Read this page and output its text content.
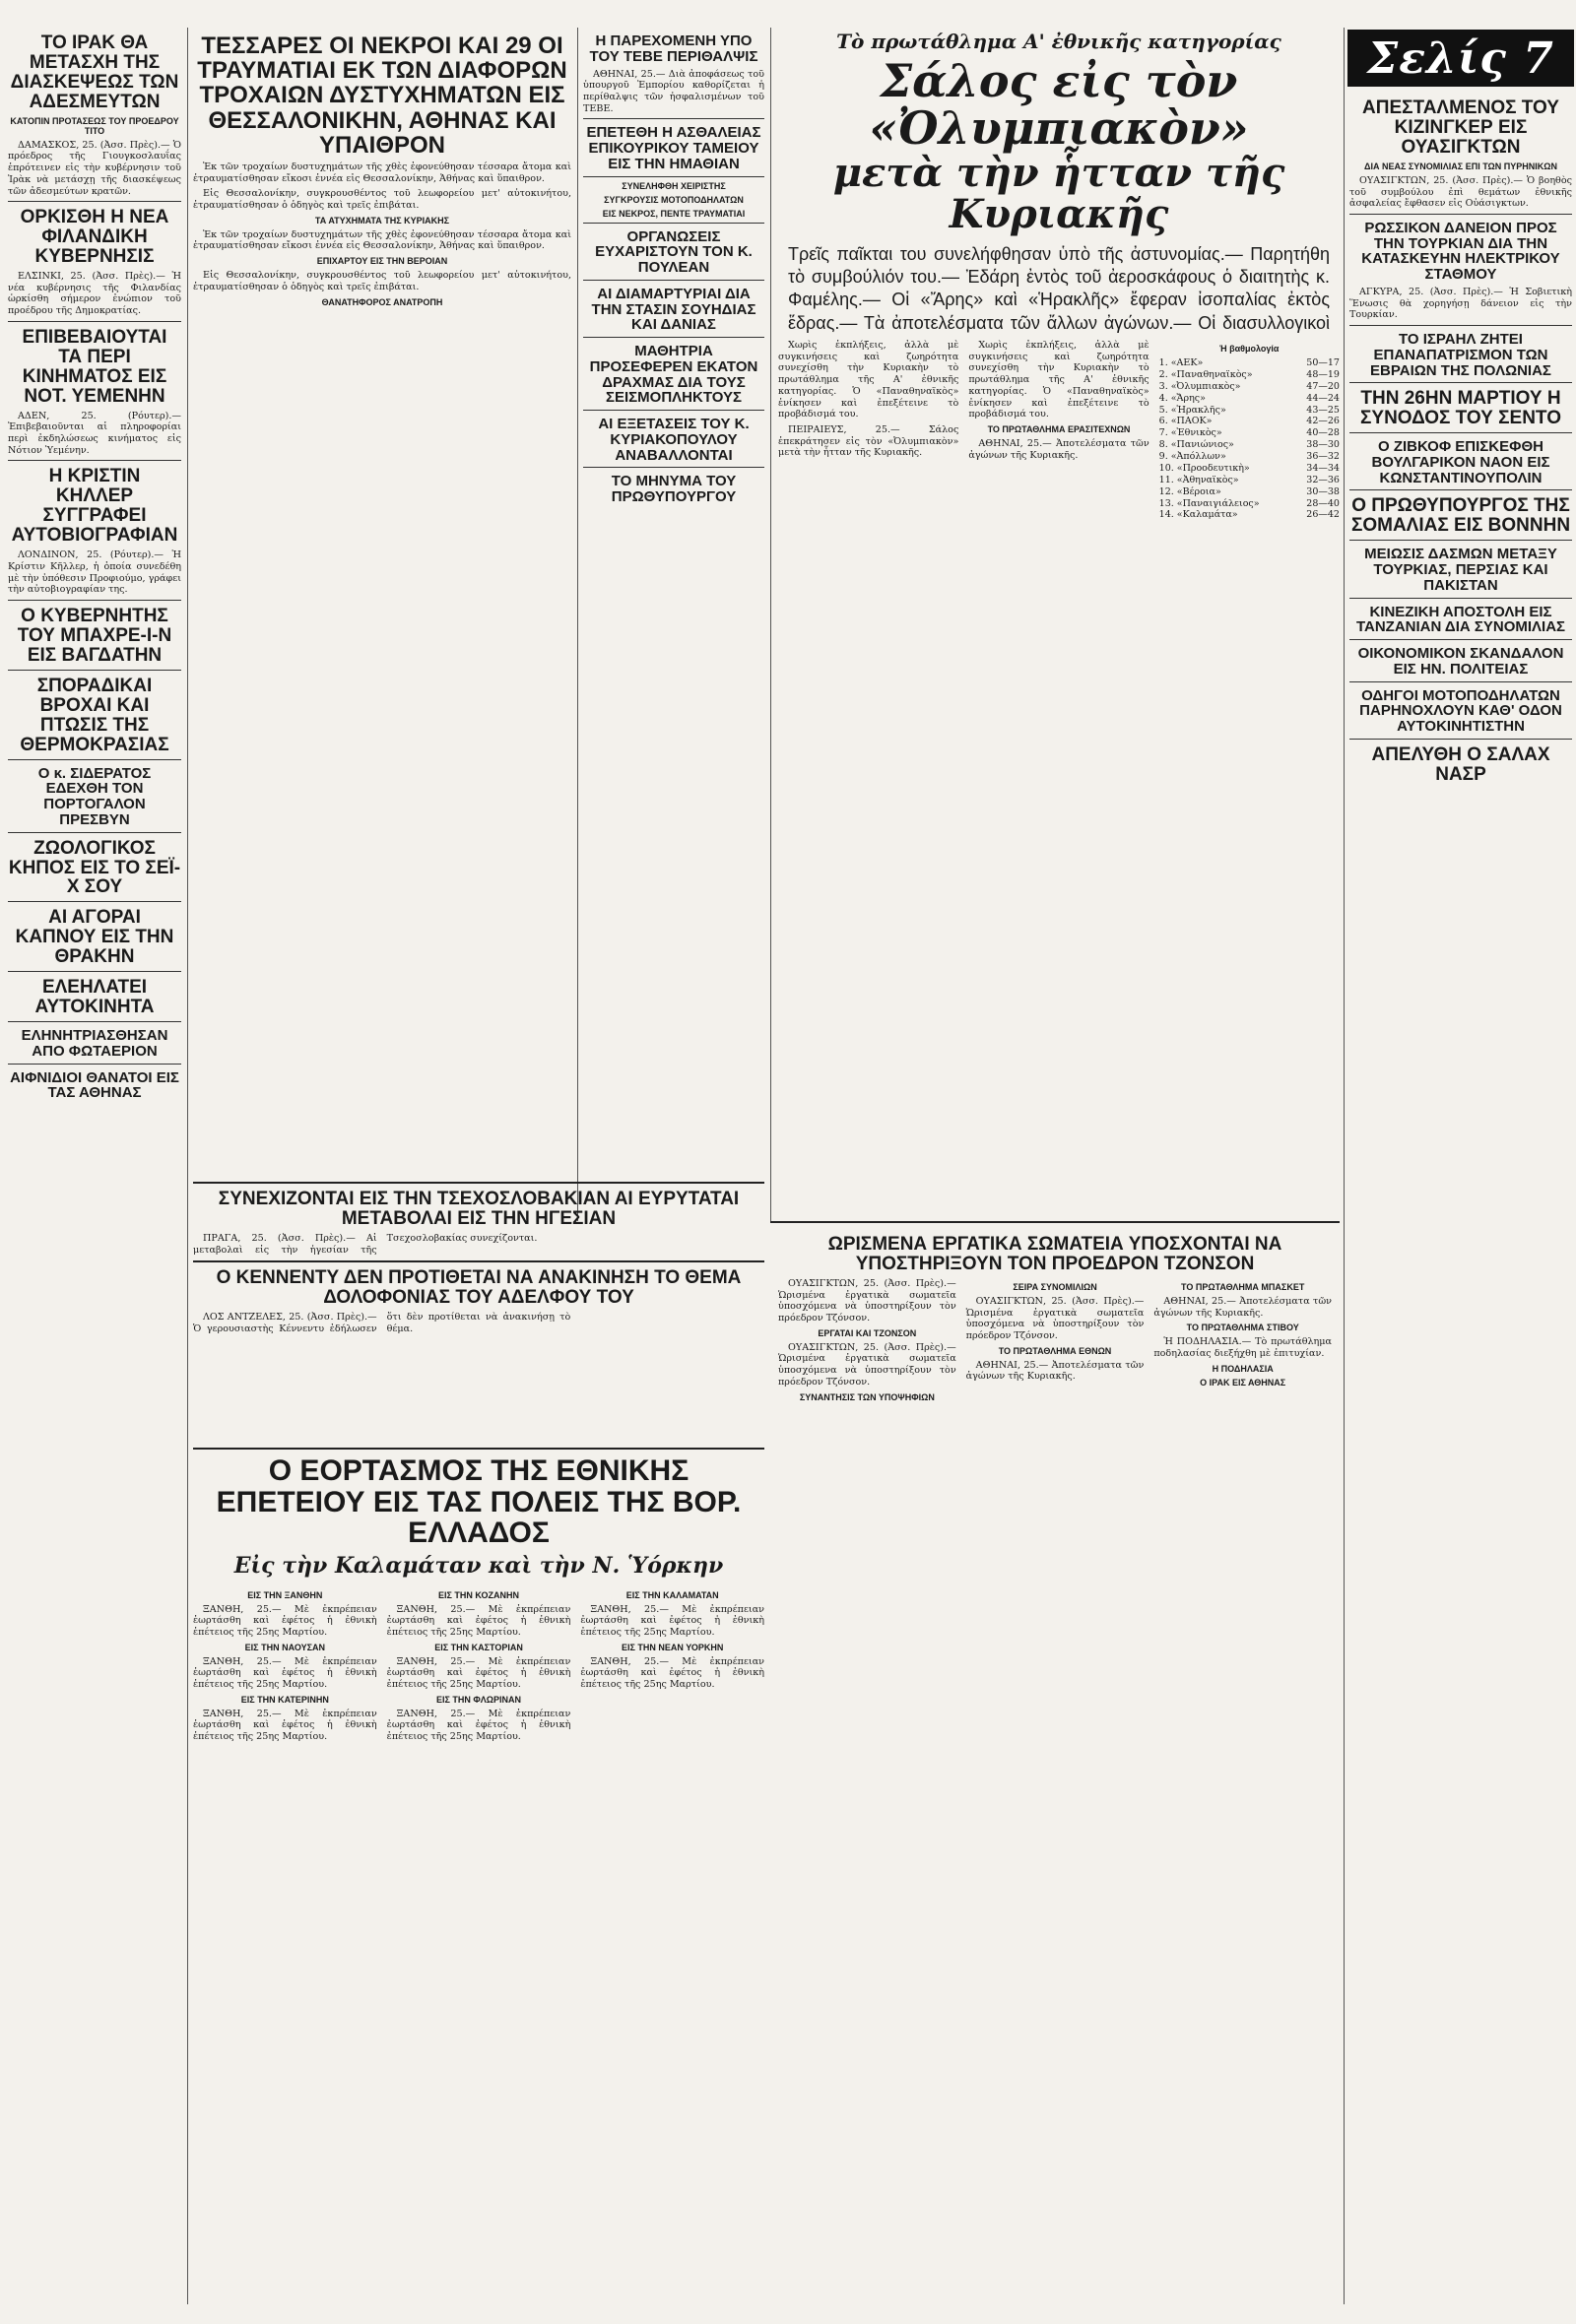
ΤΟ ΙΡΑΚ ΘΑ ΜΕΤΑΣΧΗ ΤΗΣ ΔΙΑΣΚΕΨΕΩΣ ΤΩΝ ΑΔΕΣΜΕΥΤΩΝ
ΚΑΤΟΠΙΝ ΠΡΟΤΑΣΕΩΣ ΤΟΥ ΠΡΟΕΔΡΟΥ ΤΙΤΟ

ΔΑΜΑΣΚΟΣ, 25. (Ἀσσ. Πρὲς).— Ὁ πρόεδρος τῆς Γιουγκοσλαυΐας ἐπρότεινεν εἰς τὴν κυβέρνησιν τοῦ Ἰρὰκ νὰ μετάσχῃ τῆς διασκέψεως τῶν ἀδεσμεύτων κρατῶν.

ΟΡΚΙΣΘΗ Η ΝΕΑ ΦΙΛΑΝΔΙΚΗ ΚΥΒΕΡΝΗΣΙΣ

ΕΛΣΙΝΚΙ, 25. (Ἀσσ. Πρὲς).— Ἡ νέα κυβέρνησις τῆς Φιλανδίας ὡρκίσθη σήμερον ἐνώπιον τοῦ προέδρου τῆς Δημοκρατίας.

ΕΠΙΒΕΒΑΙΟΥΤΑΙ ΤΑ ΠΕΡΙ ΚΙΝΗΜΑΤΟΣ ΕΙΣ ΝΟΤ. ΥΕΜΕΝΗΝ

ΑΔΕΝ, 25. (Ρόυτερ).— Ἐπιβεβαιοῦνται αἱ πληροφορίαι περὶ ἐκδηλώσεως κινήματος εἰς Νότιον Ὑεμένην.

Η ΚΡΙΣΤΙΝ ΚΗΛΛΕΡ ΣΥΓΓΡΑΦΕΙ ΑΥΤΟΒΙΟΓΡΑΦΙΑΝ

ΛΟΝΔΙΝΟΝ, 25. (Ρόυτερ).— Ἡ Κρίστιν Κῆλλερ, ἡ ὁποία συνεδέθη μὲ τὴν ὑπόθεσιν Προφιούμο, γράφει τὴν αὐτοβιογραφίαν της.

Ο ΚΥΒΕΡΝΗΤΗΣ ΤΟΥ ΜΠΑΧΡΕ-Ι-Ν ΕΙΣ ΒΑΓΔΑΤΗΝ
ΣΠΟΡΑΔΙΚΑΙ ΒΡΟΧΑΙ ΚΑΙ ΠΤΩΣΙΣ ΤΗΣ ΘΕΡΜΟΚΡΑΣΙΑΣ
Ο κ. ΣΙΔΕΡΑΤΟΣ ΕΔΕΧΘΗ ΤΟΝ ΠΟΡΤΟΓΑΛΟΝ ΠΡΕΣΒΥΝ
ΖΩΟΛΟΓΙΚΟΣ ΚΗΠΟΣ ΕΙΣ ΤΟ ΣΕΪ-Χ ΣΟΥ
ΑΙ ΑΓΟΡΑΙ ΚΑΠΝΟΥ ΕΙΣ ΤΗΝ ΘΡΑΚΗΝ
ΕΛΕΗΛΑΤΕΙ ΑΥΤΟΚΙΝΗΤΑ
ΕΛΗΝΗΤΡΙΑΣΘΗΣΑΝ ΑΠΟ ΦΩΤΑΕΡΙΟΝ
ΑΙΦΝΙΔΙΟΙ ΘΑΝΑΤΟΙ ΕΙΣ ΤΑΣ ΑΘΗΝΑΣ
ΤΕΣΣΑΡΕΣ ΟΙ ΝΕΚΡΟΙ ΚΑΙ 29 ΟΙ ΤΡΑΥΜΑΤΙΑΙ ΕΚ ΤΩΝ ΔΙΑΦΟΡΩΝ ΤΡΟΧΑΙΩΝ ΔΥΣΤΥΧΗΜΑΤΩΝ ΕΙΣ ΘΕΣΣΑΛΟΝΙΚΗΝ, ΑΘΗΝΑΣ ΚΑΙ ΥΠΑΙΘΡΟΝ

Ἐκ τῶν τροχαίων δυστυχημάτων τῆς χθὲς ἐφονεύθησαν τέσσαρα ἄτομα καὶ ἐτραυματίσθησαν εἴκοσι ἐννέα εἰς Θεσσαλονίκην, Ἀθήνας καὶ ὕπαιθρον.

Εἰς Θεσσαλονίκην, συγκρουσθέντος τοῦ λεωφορείου μετ' αὐτοκινήτου, ἐτραυματίσθησαν ὁ ὁδηγὸς καὶ τρεῖς ἐπιβάται.

ΤΑ ΑΤΥΧΗΜΑΤΑ ΤΗΣ ΚΥΡΙΑΚΗΣ

Ἐκ τῶν τροχαίων δυστυχημάτων τῆς χθὲς ἐφονεύθησαν τέσσαρα ἄτομα καὶ ἐτραυματίσθησαν εἴκοσι ἐννέα εἰς Θεσσαλονίκην, Ἀθήνας καὶ ὕπαιθρον.

ΕΠΙΧΑΡΤΟΥ ΕΙΣ ΤΗΝ ΒΕΡΟΙΑΝ

Εἰς Θεσσαλονίκην, συγκρουσθέντος τοῦ λεωφορείου μετ' αὐτοκινήτου, ἐτραυματίσθησαν ὁ ὁδηγὸς καὶ τρεῖς ἐπιβάται.

ΘΑΝΑΤΗΦΟΡΟΣ ΑΝΑΤΡΟΠΗ
Η ΠΑΡΕΧΟΜΕΝΗ ΥΠΟ ΤΟΥ ΤΕΒΕ ΠΕΡΙΘΑΛΨΙΣ

ΑΘΗΝΑΙ, 25.— Διὰ ἀποφάσεως τοῦ ὑπουργοῦ Ἐμπορίου καθορίζεται ἡ περίθαλψις τῶν ἠσφαλισμένων τοῦ ΤΕΒΕ.

ΕΠΕΤΕΘΗ Η ΑΣΘΑΛΕΙΑΣ ΕΠΙΚΟΥΡΙΚΟΥ ΤΑΜΕΙΟΥ ΕΙΣ ΤΗΝ ΗΜΑΘΙΑΝ
ΣΥΝΕΛΗΦΘΗ ΧΕΙΡΙΣΤΗΣ
ΣΥΓΚΡΟΥΣΙΣ ΜΟΤΟΠΟΔΗΛΑΤΩΝ
ΕΙΣ ΝΕΚΡΟΣ, ΠΕΝΤΕ ΤΡΑΥΜΑΤΙΑΙ
ΟΡΓΑΝΩΣΕΙΣ ΕΥΧΑΡΙΣΤΟΥΝ ΤΟΝ Κ. ΠΟΥΛΕΑΝ
ΑΙ ΔΙΑΜΑΡΤΥΡΙΑΙ ΔΙΑ ΤΗΝ ΣΤΑΣΙΝ ΣΟΥΗΔΙΑΣ ΚΑΙ ΔΑΝΙΑΣ
ΜΑΘΗΤΡΙΑ ΠΡΟΣΕΦΕΡΕΝ ΕΚΑΤΟΝ ΔΡΑΧΜΑΣ ΔΙΑ ΤΟΥΣ ΣΕΙΣΜΟΠΛΗΚΤΟΥΣ
ΑΙ ΕΞΕΤΑΣΕΙΣ ΤΟΥ Κ. ΚΥΡΙΑΚΟΠΟΥΛΟΥ ΑΝΑΒΑΛΛΟΝΤΑΙ
ΤΟ ΜΗΝΥΜΑ ΤΟΥ ΠΡΩΘΥΠΟΥΡΓΟΥ
ΣΥΝΕΧΙΖΟΝΤΑΙ ΕΙΣ ΤΗΝ ΤΣΕΧΟΣΛΟΒΑΚΙΑΝ ΑΙ ΕΥΡΥΤΑΤΑΙ ΜΕΤΑΒΟΛΑΙ ΕΙΣ ΤΗΝ ΗΓΕΣΙΑΝ

ΠΡΑΓΑ, 25. (Ἀσσ. Πρὲς).— Αἱ μεταβολαὶ εἰς τὴν ἡγεσίαν τῆς Τσεχοσλοβακίας συνεχίζονται.

Ο ΚΕΝΝΕΝΤΥ ΔΕΝ ΠΡΟΤΙΘΕΤΑΙ ΝΑ ΑΝΑΚΙΝΗΣΗ ΤΟ ΘΕΜΑ ΔΟΛΟΦΟΝΙΑΣ ΤΟΥ ΑΔΕΛΦΟΥ ΤΟΥ

ΛΟΣ ΑΝΤΖΕΛΕΣ, 25. (Ἀσσ. Πρὲς).— Ὁ γερουσιαστὴς Κέννεντυ ἐδήλωσεν ὅτι δὲν προτίθεται νὰ ἀνακινήσῃ τὸ θέμα.

Ο ΕΟΡΤΑΣΜΟΣ ΤΗΣ ΕΘΝΙΚΗΣ ΕΠΕΤΕΙΟΥ ΕΙΣ ΤΑΣ ΠΟΛΕΙΣ ΤΗΣ ΒΟΡ. ΕΛΛΑΔΟΣ
Εἰς τὴν Καλαμάταν καὶ τὴν Ν. Ὑόρκην
ΕΙΣ ΤΗΝ ΞΑΝΘΗΝ

ΞΑΝΘΗ, 25.— Μὲ ἐκπρέπειαν ἐωρτάσθη καὶ ἐφέτος ἡ ἐθνικὴ ἐπέτειος τῆς 25ης Μαρτίου.

ΕΙΣ ΤΗΝ ΝΑΟΥΣΑΝ

ΞΑΝΘΗ, 25.— Μὲ ἐκπρέπειαν ἐωρτάσθη καὶ ἐφέτος ἡ ἐθνικὴ ἐπέτειος τῆς 25ης Μαρτίου.

ΕΙΣ ΤΗΝ ΚΑΤΕΡΙΝΗΝ

ΞΑΝΘΗ, 25.— Μὲ ἐκπρέπειαν ἐωρτάσθη καὶ ἐφέτος ἡ ἐθνικὴ ἐπέτειος τῆς 25ης Μαρτίου.

ΕΙΣ ΤΗΝ ΚΟΖΑΝΗΝ

ΞΑΝΘΗ, 25.— Μὲ ἐκπρέπειαν ἐωρτάσθη καὶ ἐφέτος ἡ ἐθνικὴ ἐπέτειος τῆς 25ης Μαρτίου.

ΕΙΣ ΤΗΝ ΚΑΣΤΟΡΙΑΝ

ΞΑΝΘΗ, 25.— Μὲ ἐκπρέπειαν ἐωρτάσθη καὶ ἐφέτος ἡ ἐθνικὴ ἐπέτειος τῆς 25ης Μαρτίου.

ΕΙΣ ΤΗΝ ΦΛΩΡΙΝΑΝ

ΞΑΝΘΗ, 25.— Μὲ ἐκπρέπειαν ἐωρτάσθη καὶ ἐφέτος ἡ ἐθνικὴ ἐπέτειος τῆς 25ης Μαρτίου.

ΕΙΣ ΤΗΝ ΚΑΛΑΜΑΤΑΝ

ΞΑΝΘΗ, 25.— Μὲ ἐκπρέπειαν ἐωρτάσθη καὶ ἐφέτος ἡ ἐθνικὴ ἐπέτειος τῆς 25ης Μαρτίου.

ΕΙΣ ΤΗΝ ΝΕΑΝ ΥΟΡΚΗΝ

ΞΑΝΘΗ, 25.— Μὲ ἐκπρέπειαν ἐωρτάσθη καὶ ἐφέτος ἡ ἐθνικὴ ἐπέτειος τῆς 25ης Μαρτίου.

Τὸ πρωτάθλημα Α' ἐθνικῆς κατηγορίας
Σάλος εἰς τὸν «Ὀλυμπιακὸν»
μετὰ τὴν ἧτταν τῆς Κυριακῆς
Τρεῖς παῖκται του συνελήφθησαν ὑπὸ τῆς ἀστυνομίας.— Παρητήθη τὸ συμβούλιόν του.— Ἐδάρη ἐντὸς τοῦ ἀεροσκάφους ὁ διαιτητὴς κ. Φαμέλης.— Οἱ «Ἄρης» καὶ «Ἡρακλῆς» ἔφεραν ἰσοπαλίας ἐκτὸς ἕδρας.— Τὰ ἀποτελέσματα τῶν ἄλλων ἀγώνων.— Οἱ διασυλλογικοὶ

Χωρὶς ἐκπλήξεις, ἀλλὰ μὲ συγκινήσεις καὶ ζωηρότητα συνεχίσθη τὴν Κυριακὴν τὸ πρωτάθλημα τῆς Α' ἐθνικῆς κατηγορίας. Ὁ «Παναθηναϊκὸς» ἐνίκησεν καὶ ἐπεξέτεινε τὸ προβάδισμά του.

ΠΕΙΡΑΙΕΥΣ, 25.— Σάλος ἐπεκράτησεν εἰς τὸν «Ὀλυμπιακὸν» μετὰ τὴν ἧτταν τῆς Κυριακῆς.

Χωρὶς ἐκπλήξεις, ἀλλὰ μὲ συγκινήσεις καὶ ζωηρότητα συνεχίσθη τὴν Κυριακὴν τὸ πρωτάθλημα τῆς Α' ἐθνικῆς κατηγορίας. Ὁ «Παναθηναϊκὸς» ἐνίκησεν καὶ ἐπεξέτεινε τὸ προβάδισμά του.

ΤΟ ΠΡΩΤΑΘΛΗΜΑ ΕΡΑΣΙΤΕΧΝΩΝ

ΑΘΗΝΑΙ, 25.— Ἀποτελέσματα τῶν ἀγώνων τῆς Κυριακῆς.

Ἡ βαθμολογία
1. «ΑΕΚ»	50—17
2. «Παναθηναϊκὸς»	48—19
3. «Ὀλυμπιακὸς»	47—20
4. «Ἄρης»	44—24
5. «Ἡρακλῆς»	43—25
6. «ΠΑΟΚ»	42—26
7. «Ἐθνικὸς»	40—28
8. «Πανιώνιος»	38—30
9. «Ἀπόλλων»	36—32
10. «Προοδευτικὴ»	34—34
11. «Ἀθηναϊκὸς»	32—36
12. «Βέροια»	30—38
13. «Παναιγιάλειος»	28—40
14. «Καλαμάτα»	26—42
ΩΡΙΣΜΕΝΑ ΕΡΓΑΤΙΚΑ ΣΩΜΑΤΕΙΑ ΥΠΟΣΧΟΝΤΑΙ ΝΑ ΥΠΟΣΤΗΡΙΞΟΥΝ ΤΟΝ ΠΡΟΕΔΡΟΝ ΤΖΟΝΣΟΝ

ΟΥΑΣΙΓΚΤΩΝ, 25. (Ἀσσ. Πρὲς).— Ὡρισμένα ἐργατικὰ σωματεῖα ὑποσχόμενα νὰ ὑποστηρίξουν τὸν πρόεδρον Τζόνσον.

ΕΡΓΑΤΑΙ ΚΑΙ ΤΖΟΝΣΟΝ

ΟΥΑΣΙΓΚΤΩΝ, 25. (Ἀσσ. Πρὲς).— Ὡρισμένα ἐργατικὰ σωματεῖα ὑποσχόμενα νὰ ὑποστηρίξουν τὸν πρόεδρον Τζόνσον.

ΣΥΝΑΝΤΗΣΙΣ ΤΩΝ ΥΠΟΨΗΦΙΩΝ
ΣΕΙΡΑ ΣΥΝΟΜΙΛΙΩΝ

ΟΥΑΣΙΓΚΤΩΝ, 25. (Ἀσσ. Πρὲς).— Ὡρισμένα ἐργατικὰ σωματεῖα ὑποσχόμενα νὰ ὑποστηρίξουν τὸν πρόεδρον Τζόνσον.

ΤΟ ΠΡΩΤΑΘΛΗΜΑ ΕΘΝΩΝ

ΑΘΗΝΑΙ, 25.— Ἀποτελέσματα τῶν ἀγώνων τῆς Κυριακῆς.

ΤΟ ΠΡΩΤΑΘΛΗΜΑ ΜΠΑΣΚΕΤ

ΑΘΗΝΑΙ, 25.— Ἀποτελέσματα τῶν ἀγώνων τῆς Κυριακῆς.

ΤΟ ΠΡΩΤΑΘΛΗΜΑ ΣΤΙΒΟΥ

Ἡ ΠΟΔΗΛΑΣΙΑ.— Τὸ πρωτάθλημα ποδηλασίας διεξήχθη μὲ ἐπιτυχίαν.

Η ΠΟΔΗΛΑΣΙΑ
Ο ΙΡΑΚ ΕΙΣ ΑΘΗΝΑΣ
Σελίς 7
ΑΠΕΣΤΑΛΜΕΝΟΣ ΤΟΥ ΚΙΖΙΝΓΚΕΡ ΕΙΣ ΟΥΑΣΙΓΚΤΩΝ
ΔΙΑ ΝΕΑΣ ΣΥΝΟΜΙΛΙΑΣ ΕΠΙ ΤΩΝ ΠΥΡΗΝΙΚΩΝ

ΟΥΑΣΙΓΚΤΩΝ, 25. (Ἀσσ. Πρὲς).— Ὁ βοηθὸς τοῦ συμβούλου ἐπὶ θεμάτων ἐθνικῆς ἀσφαλείας ἔφθασεν εἰς Οὐάσιγκτων.

ΡΩΣΣΙΚΟΝ ΔΑΝΕΙΟΝ ΠΡΟΣ ΤΗΝ ΤΟΥΡΚΙΑΝ ΔΙΑ ΤΗΝ ΚΑΤΑΣΚΕΥΗΝ ΗΛΕΚΤΡΙΚΟΥ ΣΤΑΘΜΟΥ

ΑΓΚΥΡΑ, 25. (Ἀσσ. Πρὲς).— Ἡ Σοβιετικὴ Ἕνωσις θὰ χορηγήσῃ δάνειον εἰς τὴν Τουρκίαν.

ΤΟ ΙΣΡΑΗΛ ΖΗΤΕΙ ΕΠΑΝΑΠΑΤΡΙΣΜΟΝ ΤΩΝ ΕΒΡΑΙΩΝ ΤΗΣ ΠΟΛΩΝΙΑΣ
ΤΗΝ 26ΗΝ ΜΑΡΤΙΟΥ Η ΣΥΝΟΔΟΣ ΤΟΥ ΣΕΝΤΟ
Ο ΖΙΒΚΟΦ ΕΠΙΣΚΕΦΘΗ ΒΟΥΛΓΑΡΙΚΟΝ ΝΑΟΝ ΕΙΣ ΚΩΝΣΤΑΝΤΙΝΟΥΠΟΛΙΝ
Ο ΠΡΩΘΥΠΟΥΡΓΟΣ ΤΗΣ ΣΟΜΑΛΙΑΣ ΕΙΣ ΒΟΝΝΗΝ
ΜΕΙΩΣΙΣ ΔΑΣΜΩΝ ΜΕΤΑΞΥ ΤΟΥΡΚΙΑΣ, ΠΕΡΣΙΑΣ ΚΑΙ ΠΑΚΙΣΤΑΝ
ΚΙΝΕΖΙΚΗ ΑΠΟΣΤΟΛΗ ΕΙΣ ΤΑΝΖΑΝΙΑΝ ΔΙΑ ΣΥΝΟΜΙΛΙΑΣ
ΟΙΚΟΝΟΜΙΚΟΝ ΣΚΑΝΔΑΛΟΝ ΕΙΣ ΗΝ. ΠΟΛΙΤΕΙΑΣ
ΟΔΗΓΟΙ ΜΟΤΟΠΟΔΗΛΑΤΩΝ ΠΑΡΗΝΟΧΛΟΥΝ ΚΑΘ' ΟΔΟΝ ΑΥΤΟΚΙΝΗΤΙΣΤΗΝ
ΑΠΕΛΥΘΗ Ο ΣΑΛΑΧ ΝΑΣΡ
